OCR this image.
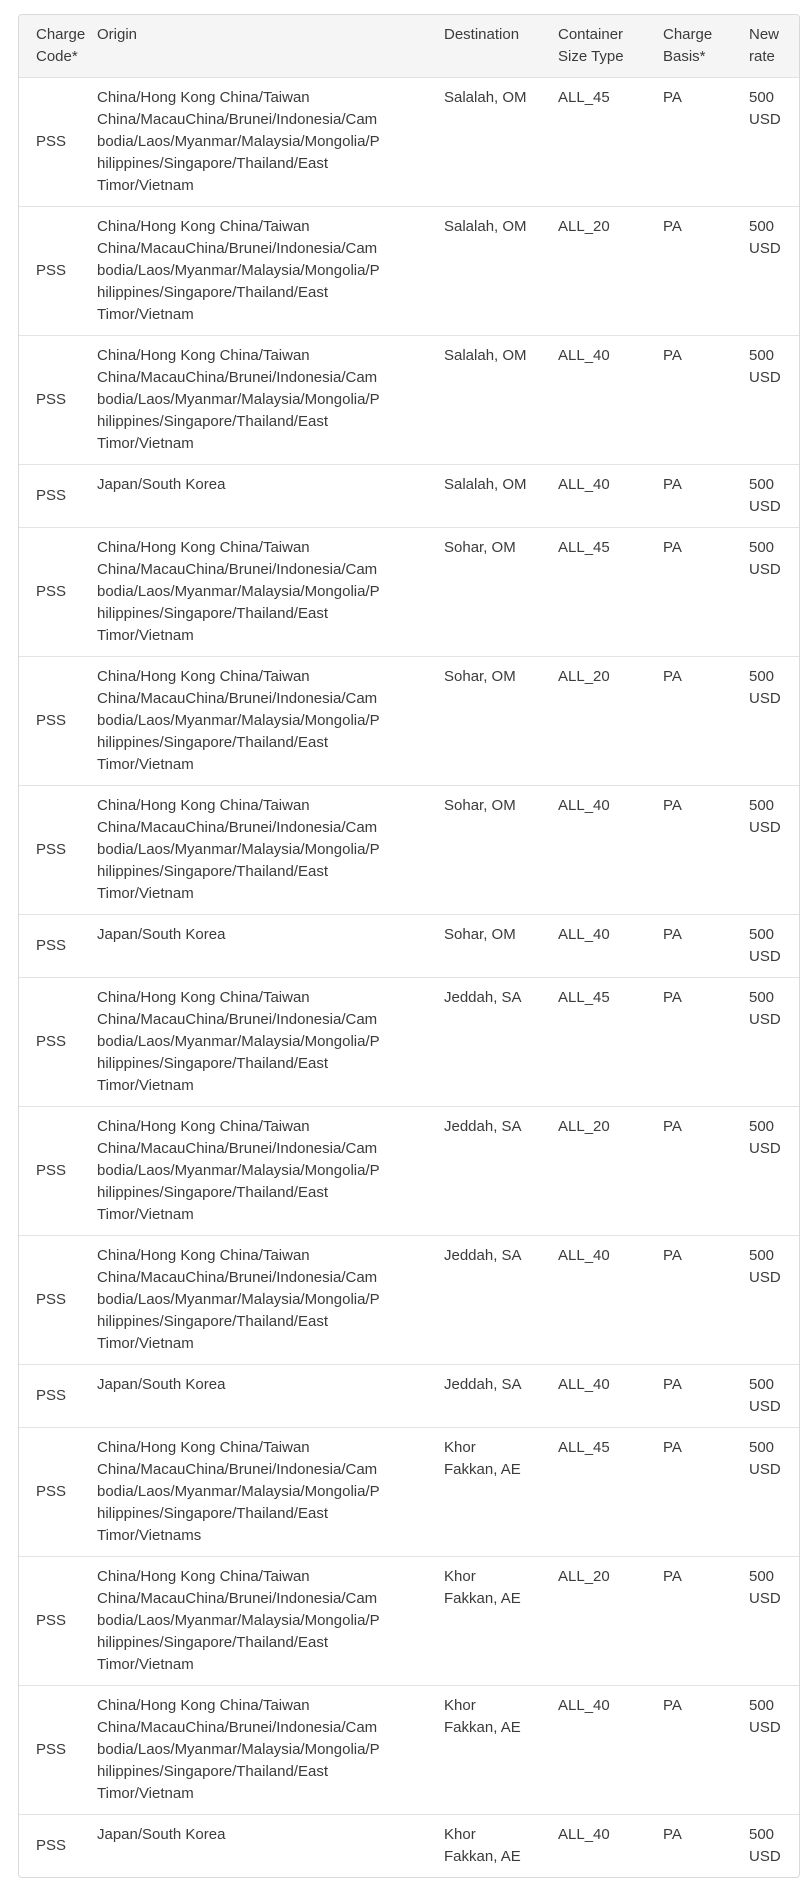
Charge Code*	Origin	Destination	Container Size Type	Charge Basis*	New rate
PSS	China/Hong Kong China/Taiwan China/MacauChina/Brunei/Indonesia/Cambodia/Laos/Myanmar/Malaysia/Mongolia/Philippines/Singapore/Thailand/East Timor/Vietnam	Salalah, OM	ALL_45	PA	500 USD

PSS	China/Hong Kong China/Taiwan China/MacauChina/Brunei/Indonesia/Cambodia/Laos/Myanmar/Malaysia/Mongolia/Philippines/Singapore/Thailand/East Timor/Vietnam	Salalah, OM	ALL_20	PA	500 USD

PSS	China/Hong Kong China/Taiwan China/MacauChina/Brunei/Indonesia/Cambodia/Laos/Myanmar/Malaysia/Mongolia/Philippines/Singapore/Thailand/East Timor/Vietnam	Salalah, OM	ALL_40	PA	500 USD

PSS	Japan/South Korea	Salalah, OM	ALL_40	PA	500 USD

PSS	China/Hong Kong China/Taiwan China/MacauChina/Brunei/Indonesia/Cambodia/Laos/Myanmar/Malaysia/Mongolia/Philippines/Singapore/Thailand/East Timor/Vietnam	Sohar, OM	ALL_45	PA	500 USD

PSS	China/Hong Kong China/Taiwan China/MacauChina/Brunei/Indonesia/Cambodia/Laos/Myanmar/Malaysia/Mongolia/Philippines/Singapore/Thailand/East Timor/Vietnam	Sohar, OM	ALL_20	PA	500 USD

PSS	China/Hong Kong China/Taiwan China/MacauChina/Brunei/Indonesia/Cambodia/Laos/Myanmar/Malaysia/Mongolia/Philippines/Singapore/Thailand/East Timor/Vietnam	Sohar, OM	ALL_40	PA	500 USD

PSS	Japan/South Korea	Sohar, OM	ALL_40	PA	500 USD

PSS	China/Hong Kong China/Taiwan China/MacauChina/Brunei/Indonesia/Cambodia/Laos/Myanmar/Malaysia/Mongolia/Philippines/Singapore/Thailand/East Timor/Vietnam	Jeddah, SA	ALL_45	PA	500 USD

PSS	China/Hong Kong China/Taiwan China/MacauChina/Brunei/Indonesia/Cambodia/Laos/Myanmar/Malaysia/Mongolia/Philippines/Singapore/Thailand/East Timor/Vietnam	Jeddah, SA	ALL_20	PA	500 USD

PSS	China/Hong Kong China/Taiwan China/MacauChina/Brunei/Indonesia/Cambodia/Laos/Myanmar/Malaysia/Mongolia/Philippines/Singapore/Thailand/East Timor/Vietnam	Jeddah, SA	ALL_40	PA	500 USD

PSS	Japan/South Korea	Jeddah, SA	ALL_40	PA	500 USD

PSS	China/Hong Kong China/Taiwan China/MacauChina/Brunei/Indonesia/Cambodia/Laos/Myanmar/Malaysia/Mongolia/Philippines/Singapore/Thailand/East Timor/Vietnams	Khor Fakkan, AE	ALL_45	PA	500 USD

PSS	China/Hong Kong China/Taiwan China/MacauChina/Brunei/Indonesia/Cambodia/Laos/Myanmar/Malaysia/Mongolia/Philippines/Singapore/Thailand/East Timor/Vietnam	Khor Fakkan, AE	ALL_20	PA	500 USD

PSS	China/Hong Kong China/Taiwan China/MacauChina/Brunei/Indonesia/Cambodia/Laos/Myanmar/Malaysia/Mongolia/Philippines/Singapore/Thailand/East Timor/Vietnam	Khor Fakkan, AE	ALL_40	PA	500 USD

PSS	Japan/South Korea	Khor Fakkan, AE	ALL_40	PA	500 USD
